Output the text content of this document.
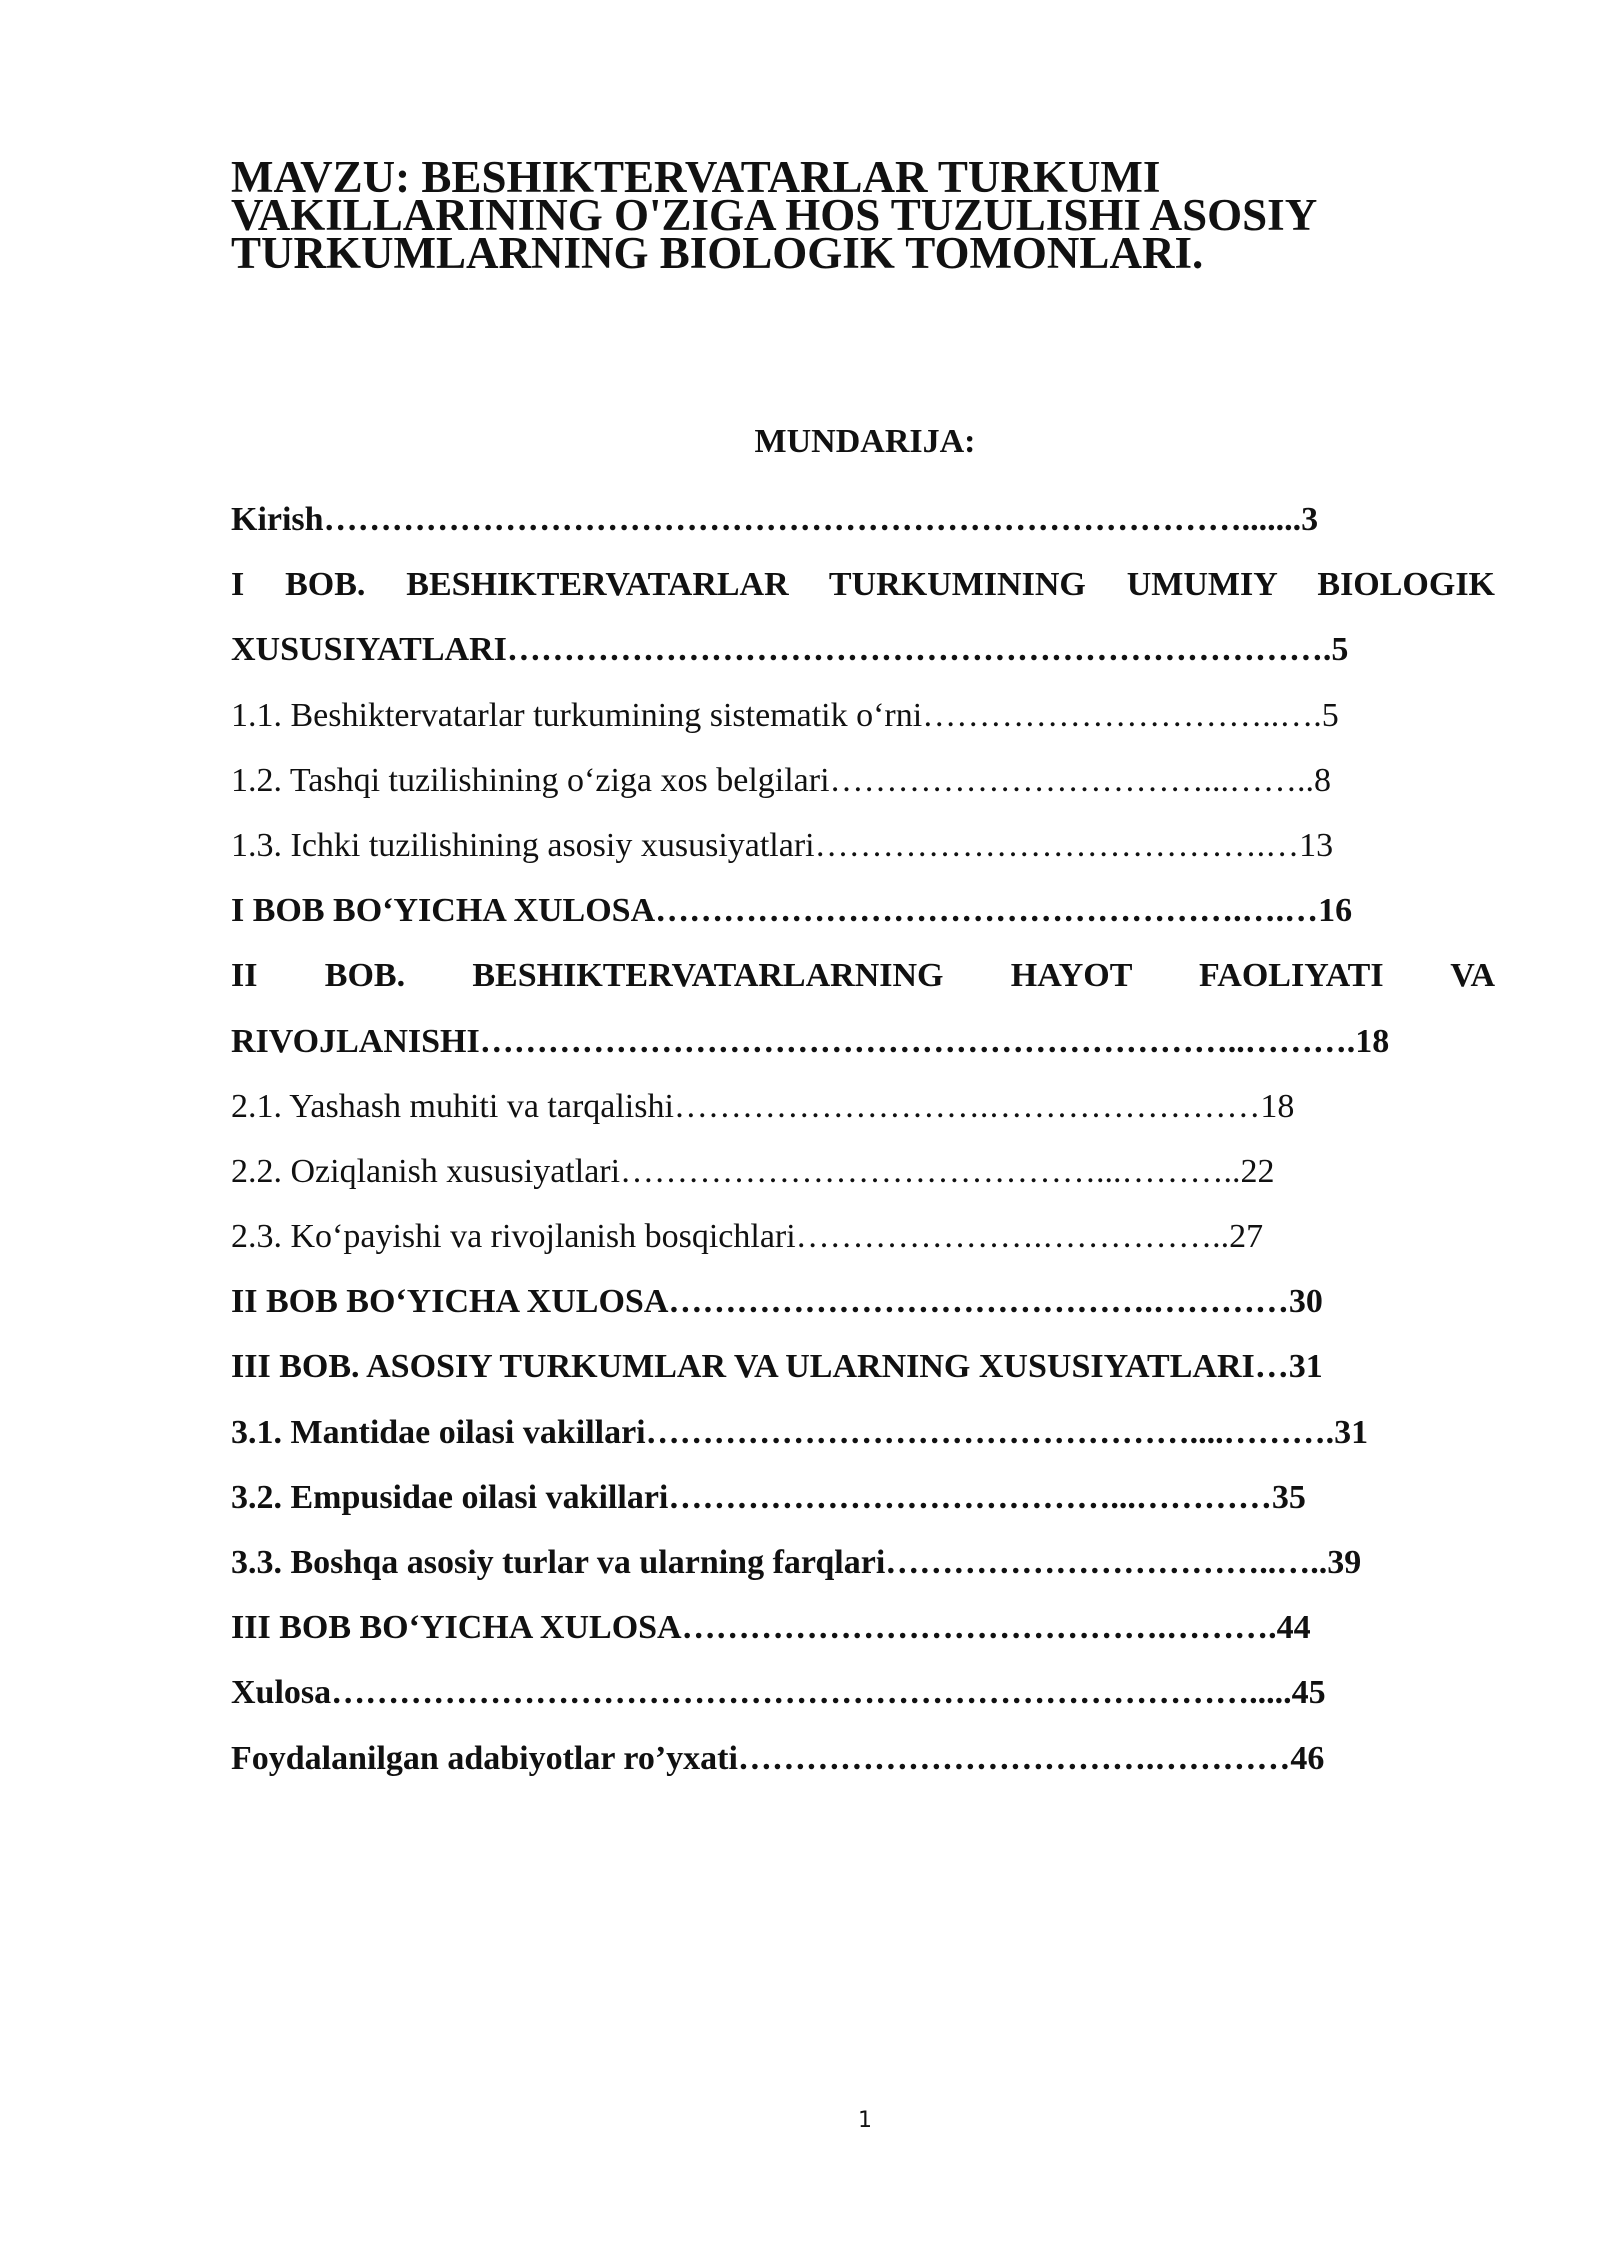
MAVZU: BESHIKTERVATARLAR TURKUMI
VAKILLARINING O'ZIGA HOS TUZULISHI ASOSIY
TURKUMLARNING BIOLOGIK TOMONLARI.
MUNDARIJA:
Kirish……………………………………………………………………….......3
I BOB. BESHIKTERVATARLAR TURKUMINING UMUMIY BIOLOGIK
XUSUSIYATLARI……………………………………………………………….5
1.1. Beshiktervatarlar turkumining sistematik o‘rni…………………………..….5
1.2. Tashqi tuzilishining o‘ziga xos belgilari……………………………...……..8
1.3. Ichki tuzilishining asosiy xususiyatlari………………………………….…13
I BOB BO‘YICHA XULOSA…………………………………………….….…16
II BOB. BESHIKTERVATARLARNING HAYOT FAOLIYATI VA
RIVOJLANISHI…………………………………………………………..……….18
2.1. Yashash muhiti va tarqalishi……………………….……………………18
2.2. Oziqlanish xususiyatlari……………………………………...………..22
2.3. Ko‘payishi va rivojlanish bosqichlari………………….……………..27
II BOB BO‘YICHA XULOSA…………………………………….…………30
III BOB. ASOSIY TURKUMLAR VA ULARNING XUSUSIYATLARI…31
3.1. Mantidae oilasi vakillari…………………………………………....……….31
3.2. Empusidae oilasi vakillari…………………………………...…………35
3.3. Boshqa asosiy turlar va ularning farqlari……………………………..…..39
III BOB BO‘YICHA XULOSA…………………………………….……….44
Xulosa……………………………………………………………………….....45
Foydalanilgan adabiyotlar ro’yxati……………………………….…………46
1
